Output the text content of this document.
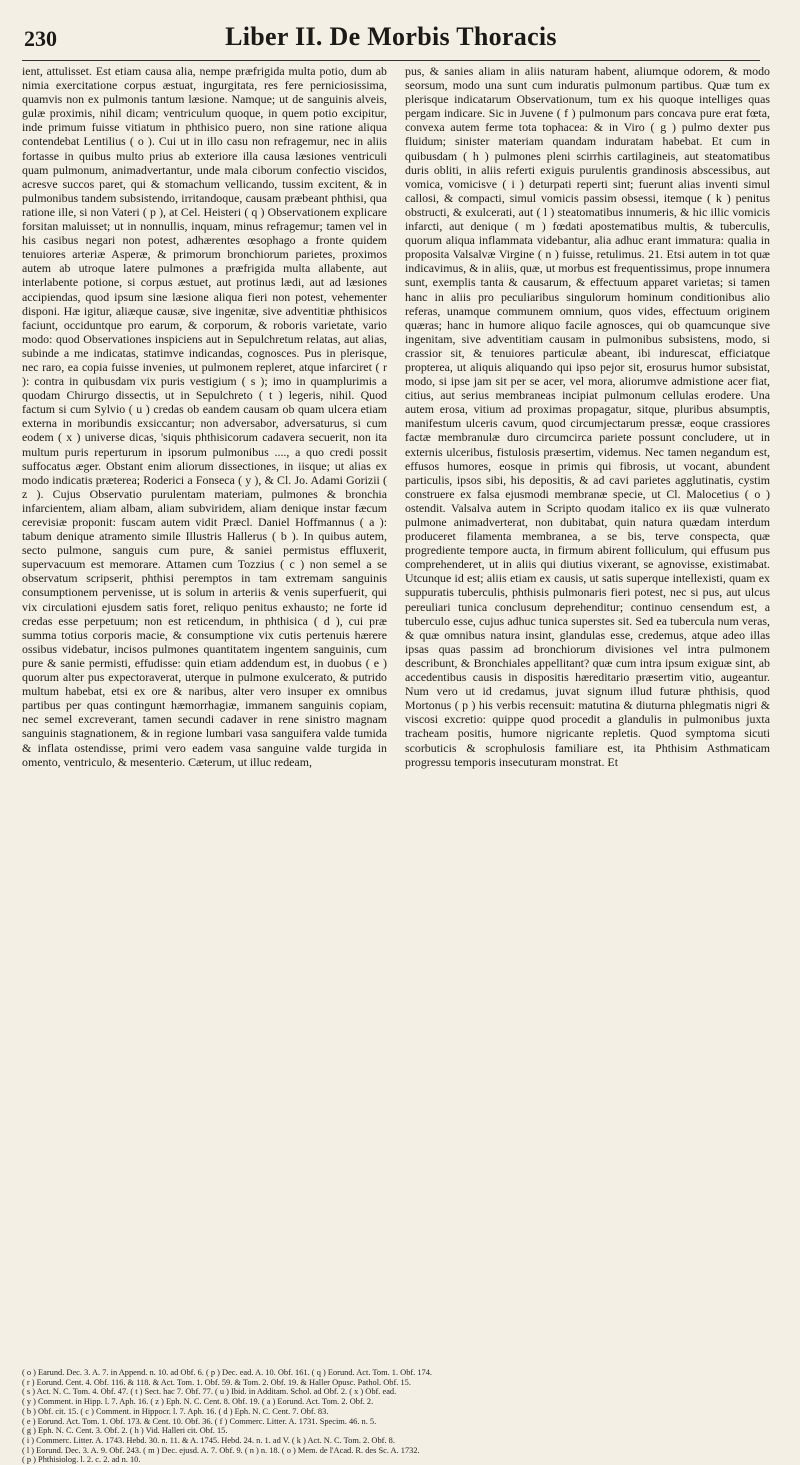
230	Liber II. De Morbis Thoracis

ient, attulisset. Est etiam causa alia, nempe præfrigida multa potio, dum ab nimia exercitatione corpus æstuat, ingurgitata, res fere perniciosissima, quamvis non ex pulmonis tantum læsione. Namque; ut de sanguinis alveis, gulæ proximis, nihil dicam; ventriculum quoque, in quem potio excipitur, inde primum fuisse vitiatum in phthisico puero, non sine ratione aliqua contendebat Lentilius ( o ). Cui ut in illo casu non refragemur, nec in aliis fortasse in quibus multo prius ab exteriore illa causa læsiones ventriculi quam pulmonum, animadvertantur, unde mala ciborum confectio viscidos, acresve succos paret, qui & stomachum vellicando, tussim excitent, & in pulmonibus tandem subsistendo, irritandoque, causam præbeant phthisi, qua ratione ille, si non Vateri ( p ), at Cel. Heisteri ( q ) Observationem explicare forsitan maluisset; ut in nonnullis, inquam, minus refragemur; tamen vel in his casibus negari non potest, adhærentes œsophago a fronte quidem tenuiores arteriæ Asperæ, & primorum bronchiorum parietes, proximos autem ab utroque latere pulmones a præfrigida multa allabente, aut interlabente potione, si corpus æstuet, aut protinus lædi, aut ad læsiones accipiendas, quod ipsum sine læsione aliqua fieri non potest, vehementer disponi. Hæ igitur, aliæque causæ, sive ingenitæ, sive adventitiæ phthisicos faciunt, occiduntque pro earum, & corporum, & roboris varietate, vario modo: quod Observationes inspiciens aut in Sepulchretum relatas, aut alias, subinde a me indicatas, statimve indicandas, cognosces. Pus in plerisque, nec raro, ea copia fuisse invenies, ut pulmonem repleret, atque infarciret ( r ): contra in quibusdam vix puris vestigium ( s ); imo in quamplurimis a quodam Chirurgo dissectis, ut in Sepulchreto ( t ) legeris, nihil. Quod factum si cum Sylvio ( u ) credas ob eandem causam ob quam ulcera etiam externa in moribundis exsiccantur; non adversabor, adversaturus, si cum eodem ( x ) universe dicas, 'siquis phthisicorum cadavera secuerit, non ita multum puris reperturum in ipsorum pulmonibus ...., a quo credi possit suffocatus æger. Obstant enim aliorum dissectiones, in iisque; ut alias ex modo indicatis præterea; Roderici a Fonseca ( y ), & Cl. Jo. Adami Gorizii ( z ). Cujus Observatio purulentam materiam, pulmones & bronchia infarcientem, aliam albam, aliam subviridem, aliam denique instar fæcum cerevisiæ proponit: fuscam autem vidit Præcl. Daniel Hoffmannus ( a ): tabum denique atramento simile Illustris Hallerus ( b ). In quibus autem, secto pulmone, sanguis cum pure, & saniei permistus effluxerit, supervacuum est memorare. Attamen cum Tozzius ( c ) non semel a se observatum scripserit, phthisi peremptos in tam extremam sanguinis consumptionem pervenisse, ut is solum in arteriis & venis superfuerit, qui vix circulationi ejusdem satis foret, reliquo penitus exhausto; ne forte id credas esse perpetuum; non est reticendum, in phthisica ( d ), cui præ summa totius corporis macie, & consumptione vix cutis pertenuis hærere ossibus videbatur, incisos pulmones quantitatem ingentem sanguinis, cum pure & sanie permisti, effudisse: quin etiam addendum est, in duobus ( e ) quorum alter pus expectoraverat, uterque in pulmone exulcerato, & putrido multum habebat, etsi ex ore & naribus, alter vero insuper ex omnibus partibus per quas contingunt hæmorrhagiæ, immanem sanguinis copiam, nec semel excreverant, tamen secundi cadaver in rene sinistro magnam sanguinis stagnationem, & in regione lumbari vasa sanguifera valde tumida & inflata ostendisse, primi vero eadem vasa sanguine valde turgida in omento, ventriculo, & mesenterio. Cæterum, ut illuc redeam,

pus, & sanies aliam in aliis naturam habent, aliumque odorem, & modo seorsum, modo una sunt cum induratis pulmonum partibus. Quæ tum ex plerisque indicatarum Observationum, tum ex his quoque intelliges quas pergam indicare. Sic in Juvene ( f ) pulmonum pars concava pure erat fœta, convexa autem ferme tota tophacea: & in Viro ( g ) pulmo dexter pus fluidum; sinister materiam quandam induratam habebat. Et cum in quibusdam ( h ) pulmones pleni scirrhis cartilagineis, aut steatomatibus duris obliti, in aliis referti exiguis purulentis grandinosis abscessibus, aut vomica, vomicisve ( i ) deturpati reperti sint; fuerunt alias inventi simul callosi, & compacti, simul vomicis passim obsessi, itemque ( k ) penitus obstructi, & exulcerati, aut ( l ) steatomatibus innumeris, & hic illic vomicis infarcti, aut denique ( m ) fœdati apostematibus multis, & tuberculis, quorum aliqua inflammata videbantur, alia adhuc erant immatura: qualia in proposita Valsalvæ Virgine ( n ) fuisse, retulimus. 21. Etsi autem in tot quæ indicavimus, & in aliis, quæ, ut morbus est frequentissimus, prope innumera sunt, exemplis tanta & causarum, & effectuum apparet varietas; si tamen hanc in aliis pro peculiaribus singulorum hominum conditionibus alio referas, unamque communem omnium, quos vides, effectuum originem quæras; hanc in humore aliquo facile agnosces, qui ob quamcunque sive ingenitam, sive adventitiam causam in pulmonibus subsistens, modo, si crassior sit, & tenuiores particulæ abeant, ibi indurescat, efficiatque propterea, ut aliquis aliquando qui ipso pejor sit, erosurus humor subsistat, modo, si ipse jam sit per se acer, vel mora, aliorumve admistione acer fiat, citius, aut serius membraneas incipiat pulmonum cellulas erodere. Una autem erosa, vitium ad proximas propagatur, sitque, pluribus absumptis, manifestum ulceris cavum, quod circumjectarum pressæ, eoque crassiores factæ membranulæ duro circumcirca pariete possunt concludere, ut in externis ulceribus, fistulosis præsertim, videmus. Nec tamen negandum est, effusos humores, eosque in primis qui fibrosis, ut vocant, abundent particulis, ipsos sibi, his depositis, & ad cavi parietes agglutinatis, cystim construere ex falsa ejusmodi membranæ specie, ut Cl. Malocetius ( o ) ostendit. Valsalva autem in Scripto quodam italico ex iis quæ vulnerato pulmone animadverterat, non dubitabat, quin natura quædam interdum produceret filamenta membranea, a se bis, terve conspecta, quæ progrediente tempore aucta, in firmum abirent folliculum, qui effusum pus comprehenderet, ut in aliis qui diutius vixerant, se agnovisse, existimabat. Utcunque id est; aliis etiam ex causis, ut satis superque intellexisti, quam ex suppuratis tuberculis, phthisis pulmonaris fieri potest, nec si pus, aut ulcus pereuliari tunica conclusum deprehenditur; continuo censendum est, a tuberculo esse, cujus adhuc tunica superstes sit. Sed ea tubercula num veras, & quæ omnibus natura insint, glandulas esse, credemus, atque adeo illas ipsas quas passim ad bronchiorum divisiones vel intra pulmonem describunt, & Bronchiales appellitant? quæ cum intra ipsum exiguæ sint, ab accedentibus causis in dispositis hæreditario præsertim vitio, augeantur. Num vero ut id credamus, juvat signum illud futuræ phthisis, quod Mortonus ( p ) his verbis recensuit: matutina & diuturna phlegmatis nigri & viscosi excretio: quippe quod procedit a glandulis in pulmonibus juxta tracheam positis, humore nigricante repletis. Quod symptoma sicuti scorbuticis & scrophulosis familiare est, ita Phthisim Asthmaticam progressu temporis insecuturam monstrat. Et

( o ) Earund. Dec. 3. A. 7. in Append. n. 10. ad Obf. 6. ( p ) Dec. ead. A. 10. Obf. 161. ( q ) Eorund. Act. Tom. 1. Obf. 174.
( r ) Eorund. Cent. 4. Obf. 116. & 118. & Act. Tom. 1. Obf. 59. & Tom. 2. Obf. 19. & Haller Opusc. Pathol. Obf. 15.
( s ) Act. N. C. Tom. 4. Obf. 47. ( t ) Sect. hac 7. Obf. 77. ( u ) Ibid. in Additam. Schol. ad Obf. 2. ( x ) Obf. ead.
( y ) Comment. in Hipp. l. 7. Aph. 16. ( z ) Eph. N. C. Cent. 8. Obf. 19. ( a ) Eorund. Act. Tom. 2. Obf. 2.
( b ) Obf. cit. 15. ( c ) Comment. in Hippocr. l. 7. Aph. 16. ( d ) Eph. N. C. Cent. 7. Obf. 83.
( e ) Eorund. Act. Tom. 1. Obf. 173. & Cent. 10. Obf. 36. ( f ) Commerc. Litter. A. 1731. Specim. 46. n. 5.
( g ) Eph. N. C. Cent. 3. Obf. 2. ( h ) Vid. Halleri cit. Obf. 15.
( i ) Commerc. Litter. A. 1743. Hebd. 30. n. 11. & A. 1745. Hebd. 24. n. 1. ad V. ( k ) Act. N. C. Tom. 2. Obf. 8.
( l ) Eorund. Dec. 3. A. 9. Obf. 243. ( m ) Dec. ejusd. A. 7. Obf. 9. ( n ) n. 18. ( o ) Mem. de l'Acad. R. des Sc. A. 1732.
( p ) Phthisiolog. l. 2. c. 2. ad n. 10.
